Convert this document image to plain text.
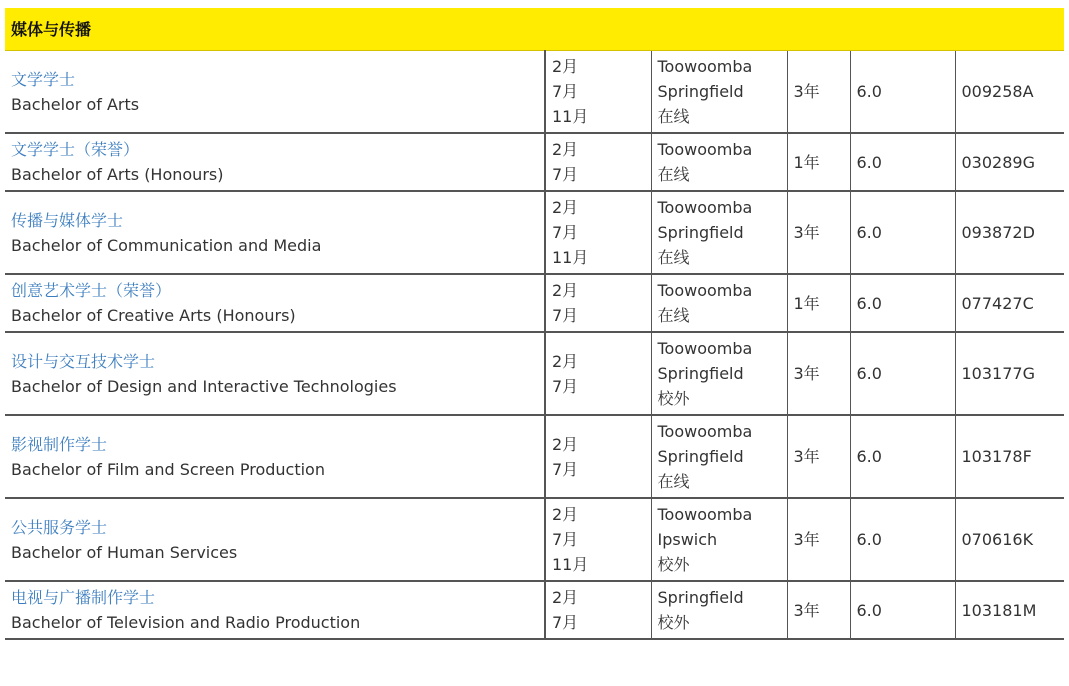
媒体与传播					

文学学士
Bachelor of Arts	2月
7月
11月	Toowoomba
Springfield
在线	3年	6.0	009258A

文学学士（荣誉）
Bachelor of Arts (Honours)	2月
7月	Toowoomba
在线	1年	6.0	030289G

传播与媒体学士
Bachelor of Communication and Media	2月
7月
11月	Toowoomba
Springfield
在线	3年	6.0	093872D

创意艺术学士（荣誉）
Bachelor of Creative Arts (Honours)	2月
7月	Toowoomba
在线	1年	6.0	077427C

设计与交互技术学士
Bachelor of Design and Interactive Technologies	2月
7月	Toowoomba
Springfield
校外	3年	6.0	103177G

影视制作学士
Bachelor of Film and Screen Production	2月
7月	Toowoomba
Springfield
在线	3年	6.0	103178F

公共服务学士
Bachelor of Human Services	2月
7月
11月	Toowoomba
Ipswich
校外	3年	6.0	070616K

电视与广播制作学士
Bachelor of Television and Radio Production	2月
7月	Springfield
校外	3年	6.0	103181M
